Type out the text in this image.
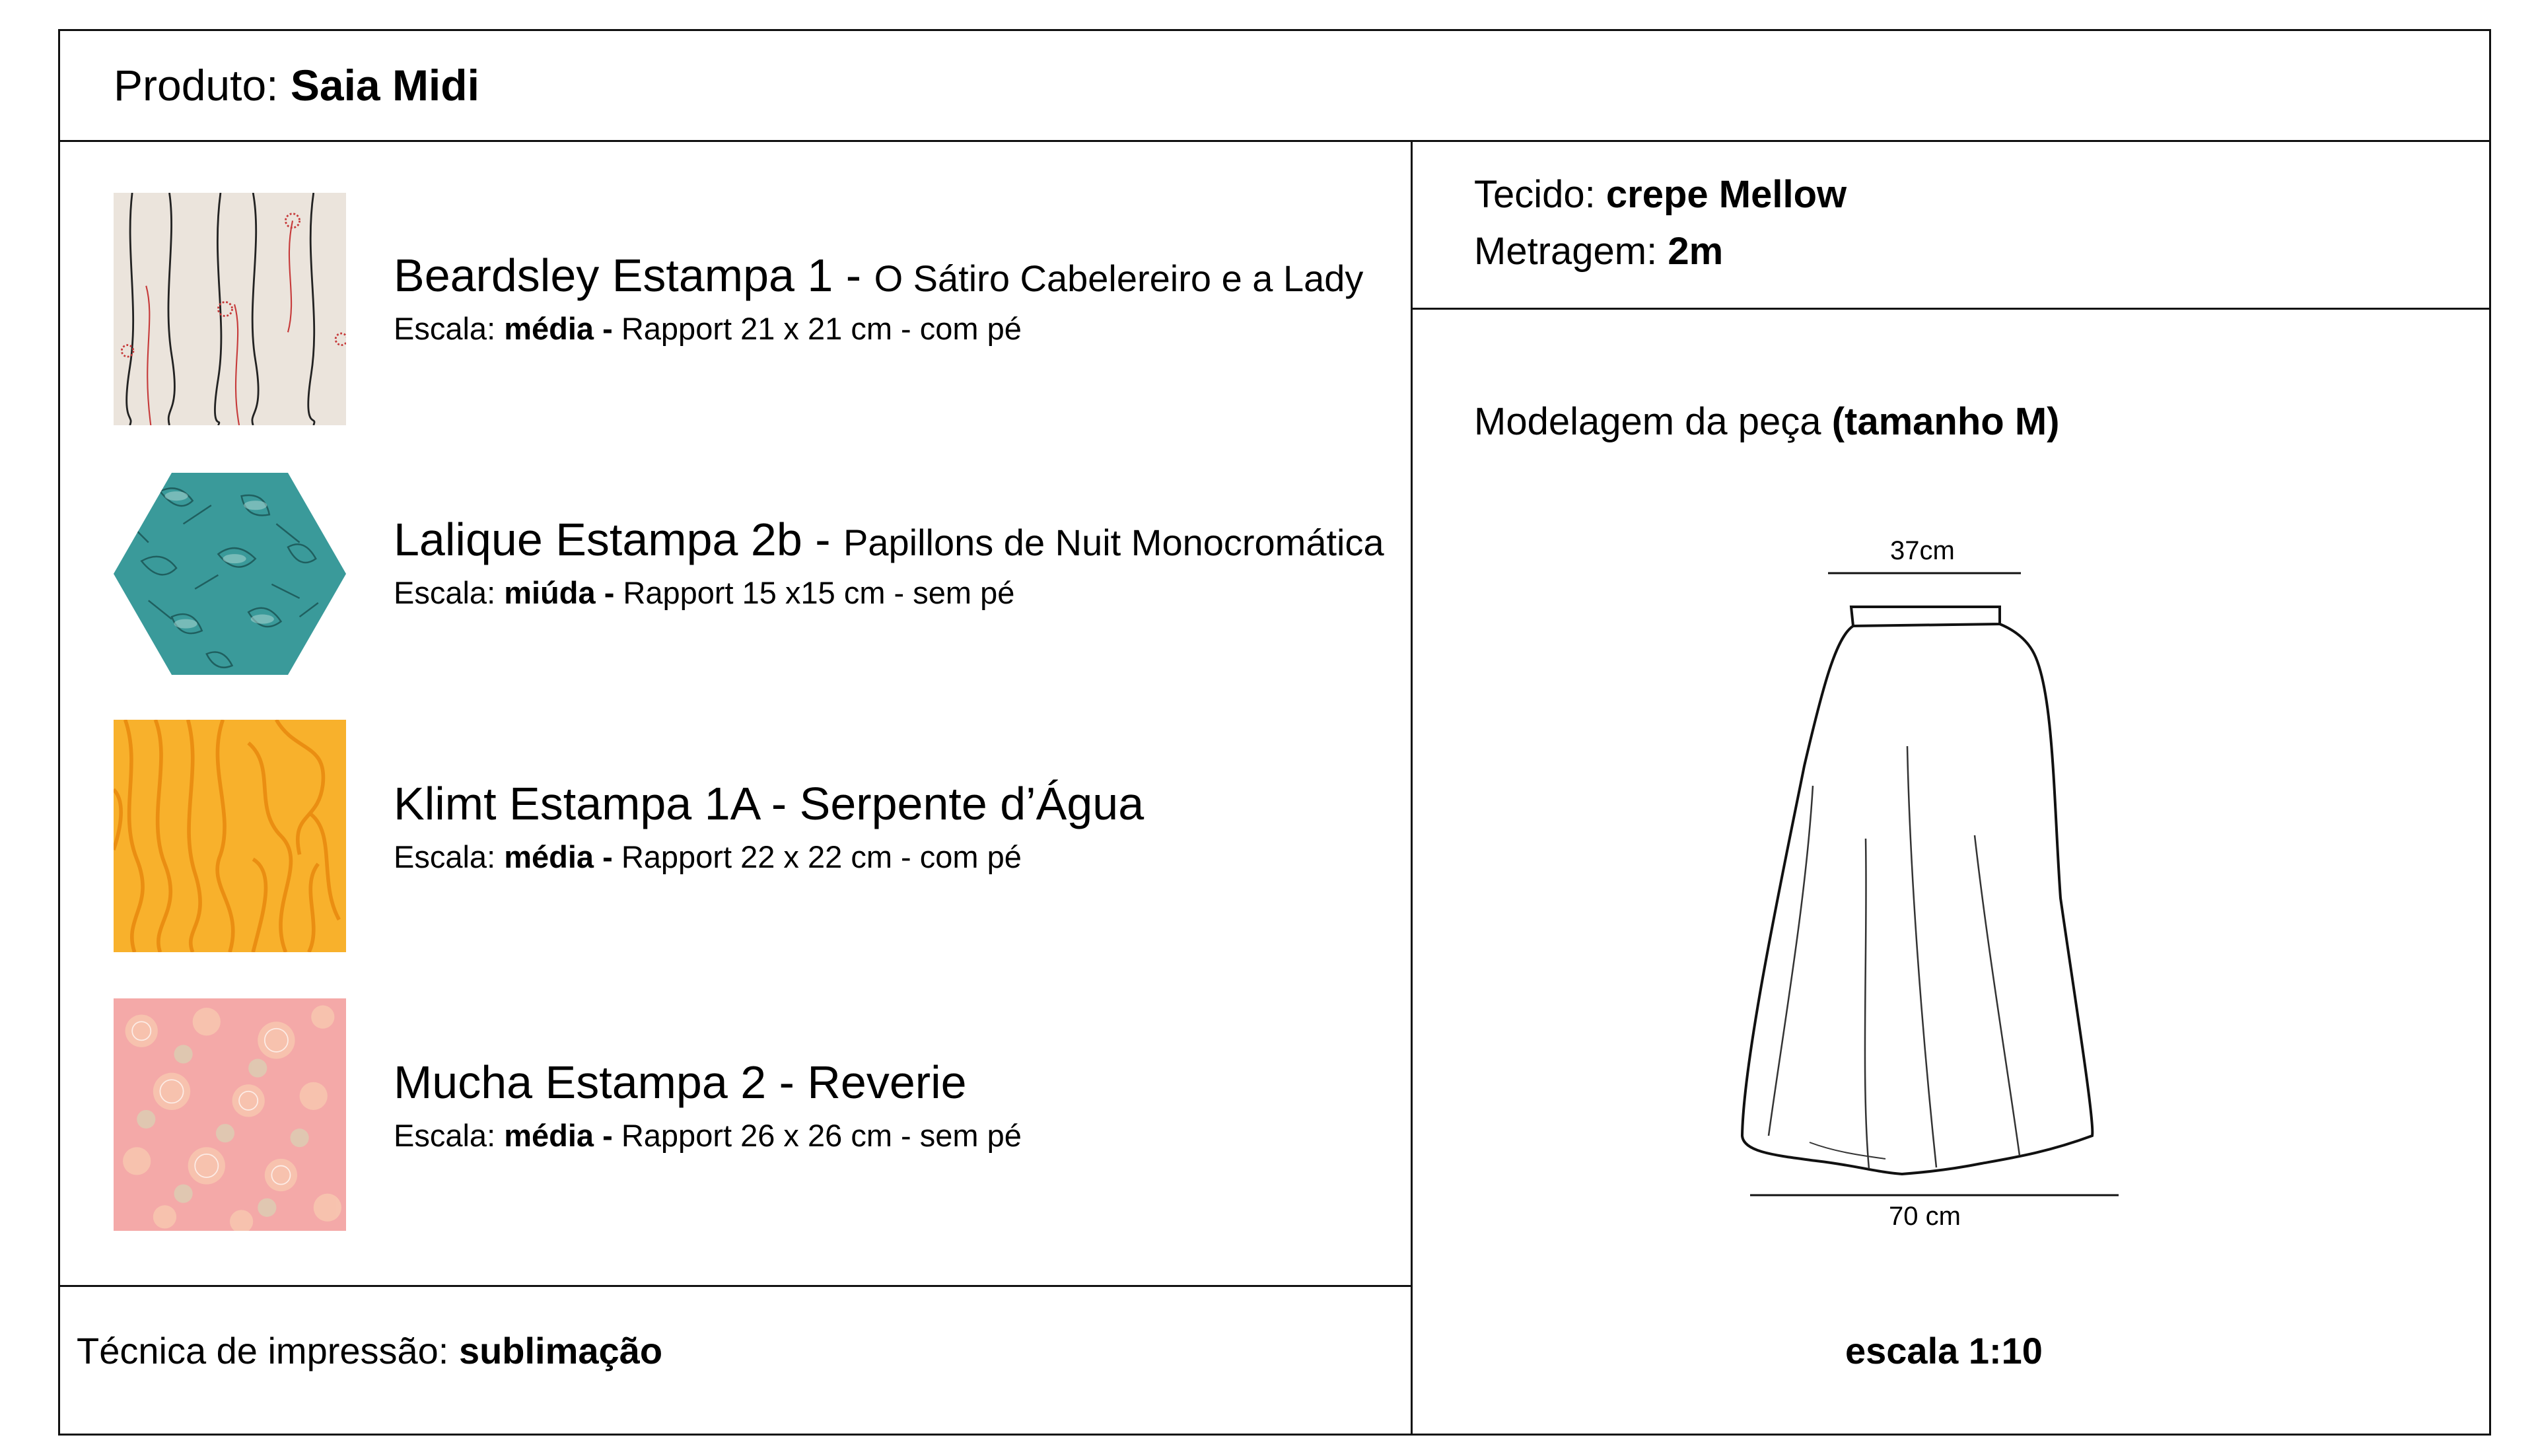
Produto: Saia Midi
Beardsley Estampa 1 - O Sátiro Cabelereiro e a Lady
Escala: média - Rapport 21 x 21 cm - com pé
Lalique Estampa 2b - Papillons de Nuit Monocromática
Escala: miúda - Rapport 15 x15 cm - sem pé
Klimt Estampa 1A - Serpente d’Água
Escala: média - Rapport 22 x 22 cm - com pé
Mucha Estampa 2 - Reverie
Escala: média - Rapport 26 x 26 cm - sem pé
Técnica de impressão: sublimação
Tecido: crepe Mellow
Metragem: 2m
Modelagem da peça (tamanho M)
37cm
70 cm
escala 1:10
